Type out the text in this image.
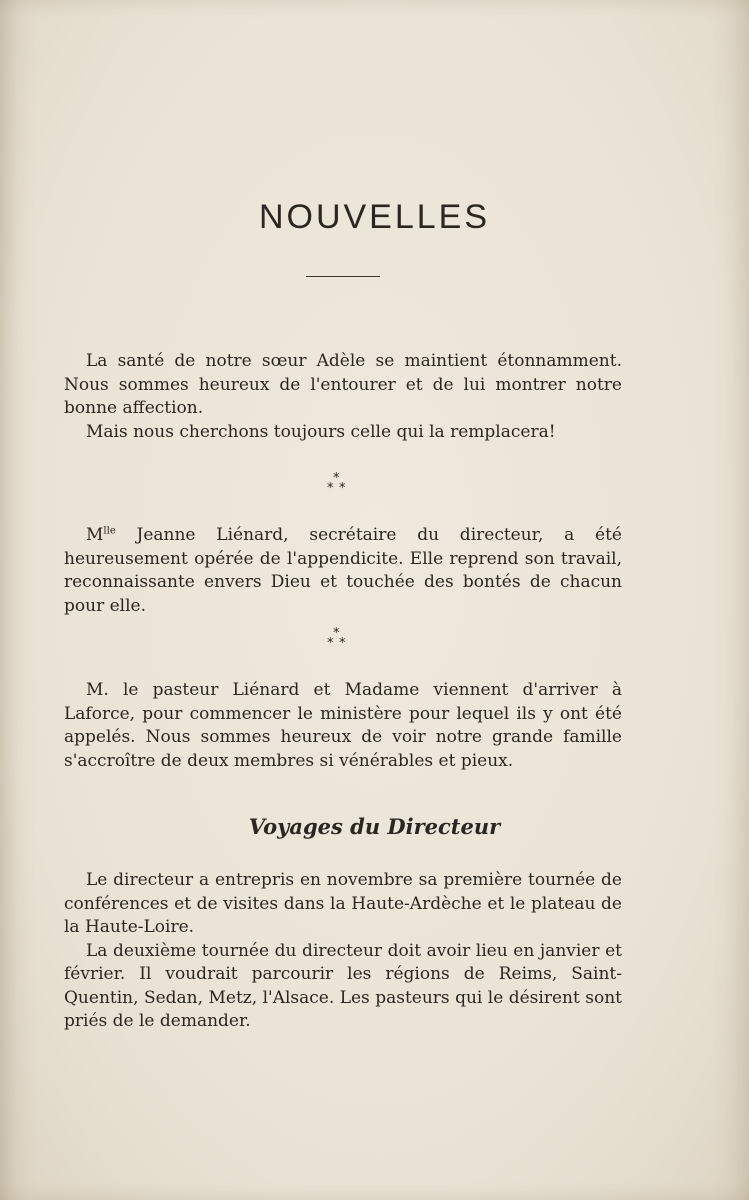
NOUVELLES

La santé de notre sœur Adèle se maintient étonnamment. Nous sommes heureux de l'entourer et de lui montrer notre bonne affection.

Mais nous cherchons toujours celle qui la remplacera!

*
* *

$M^{lle}$ Jeanne Liénard, secrétaire du directeur, a été heureusement opérée de l'appendicite. Elle reprend son travail, reconnaissante envers Dieu et touchée des bontés de chacun pour elle.

*
* *

M. le pasteur Liénard et Madame viennent d'arriver à Laforce, pour commencer le ministère pour lequel ils y ont été appelés. Nous sommes heureux de voir notre grande famille s'accroître de deux membres si vénérables et pieux.

Voyages du Directeur

Le directeur a entrepris en novembre sa première tournée de conférences et de visites dans la Haute-Ardèche et le plateau de la Haute-Loire.

La deuxième tournée du directeur doit avoir lieu en janvier et février. Il voudrait parcourir les régions de Reims, Saint-Quentin, Sedan, Metz, l'Alsace. Les pasteurs qui le désirent sont priés de le demander.
